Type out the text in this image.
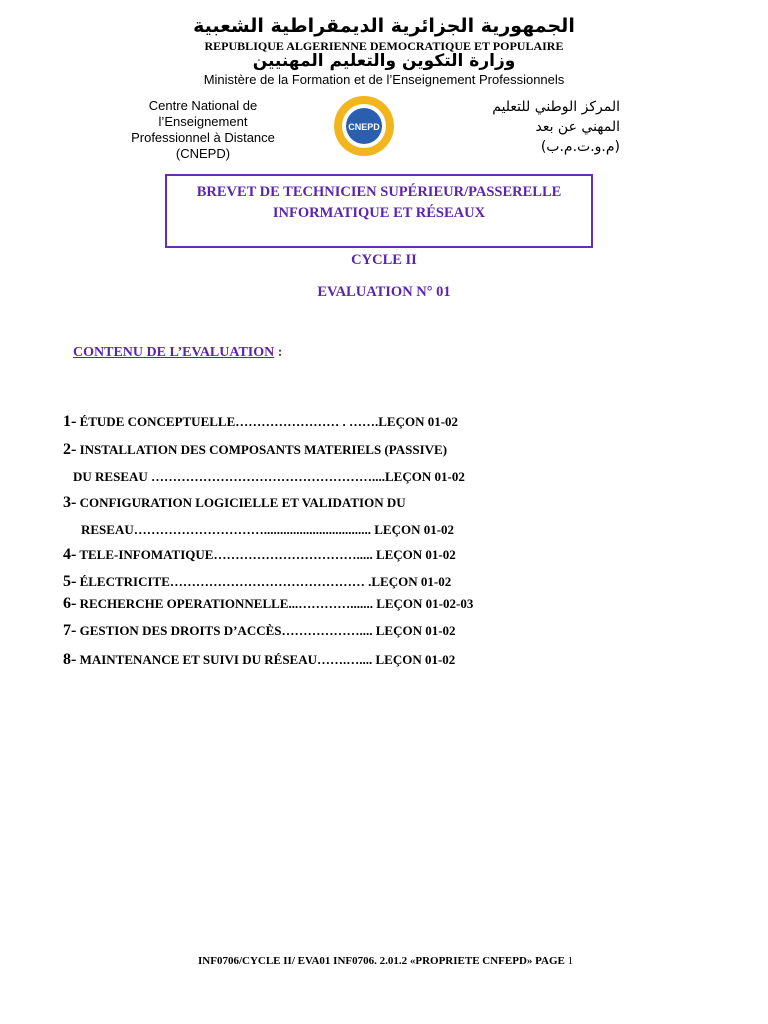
الجمهورية الجزائرية الديمقراطية الشعبية
REPUBLIQUE ALGERIENNE DEMOCRATIQUE ET POPULAIRE
وزارة التكوين والتعليم المهنيين
Ministère de la Formation et de l’Enseignement Professionnels
Centre National de l’Enseignement
Professionnel à Distance
(CNEPD)
CNEPD
المركز الوطني للتعليم
المهني عن بعد
(م.و.ت.م.ب)
BREVET DE TECHNICIEN SUPÉRIEUR/PASSERELLE
INFORMATIQUE ET RÉSEAUX
CYCLE II
EVALUATION N° 01
CONTENU DE L’EVALUATION :
1- ÉTUDE CONCEPTUELLE…………………… . …….LEÇON 01-02
2- INSTALLATION DES COMPOSANTS MATERIELS (PASSIVE)
DU RESEAU ……………………………………………....LEÇON 01-02
3- CONFIGURATION LOGICIELLE ET VALIDATION DU
RESEAU…………………………................................. LEÇON 01-02
4- TELE-INFOMATIQUE……………………………..... LEÇON 01-02
5- ÉLECTRICITE……………………………………… .LEÇON 01-02
6- RECHERCHE OPERATIONNELLE...…………....... LEÇON 01-02-03
7- GESTION DES DROITS D’ACCÈS……………….... LEÇON 01-02
8- MAINTENANCE ET SUIVI DU RÉSEAU…….….... LEÇON 01-02
INF0706/CYCLE II/ EVA01 INF0706. 2.01.2 «PROPRIETE CNFEPD» PAGE 1
